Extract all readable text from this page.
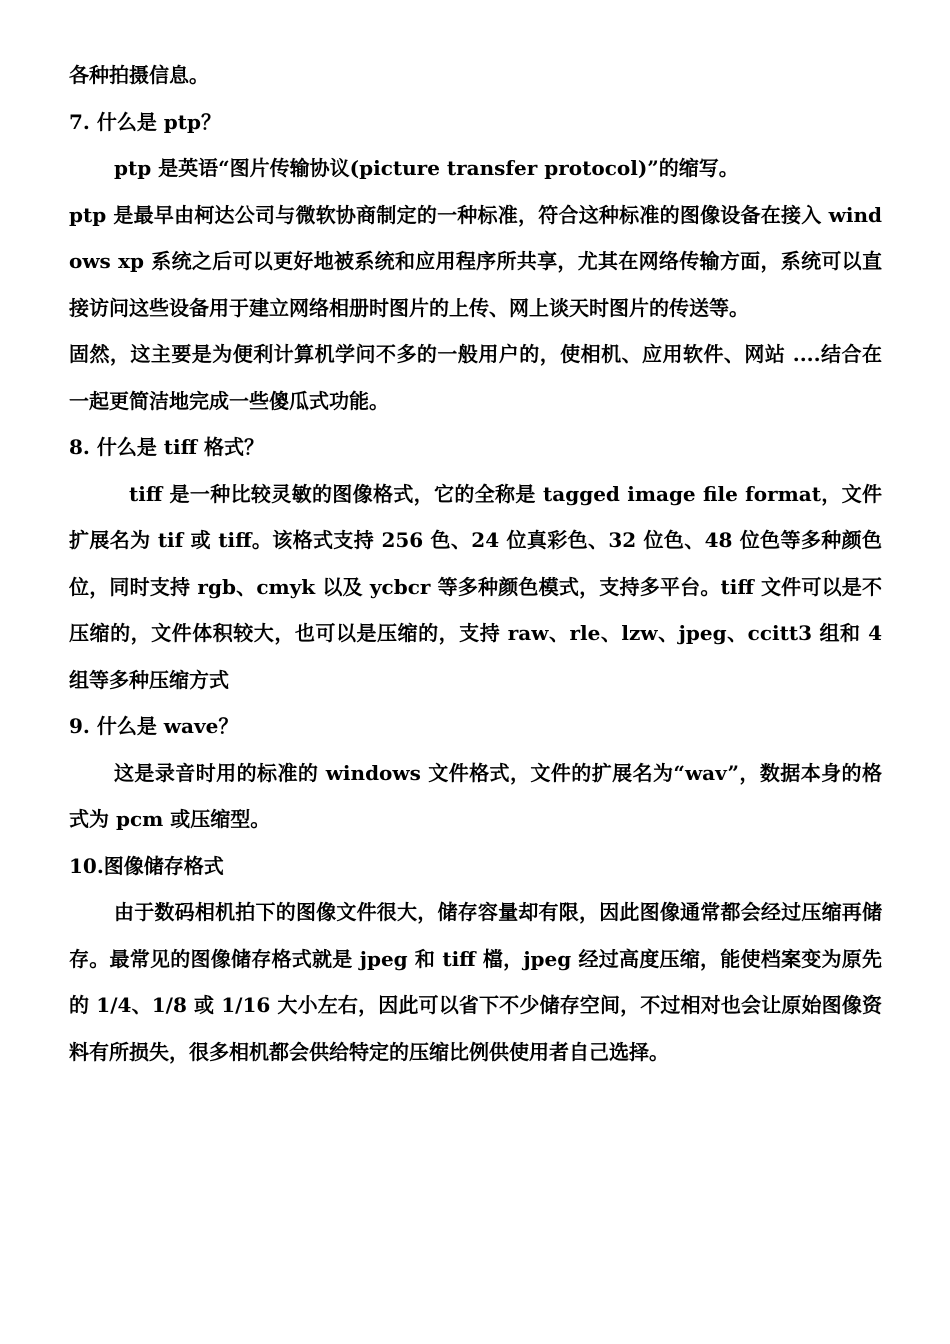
各种拍摄信息。

7. 什么是 ptp？

ptp 是英语“图片传输协议(picture transfer protocol)”的缩写。

ptp 是最早由柯达公司与微软协商制定的一种标准，符合这种标准的图像设备在接入 windows xp 系统之后可以更好地被系统和应用程序所共享，尤其在网络传输方面，系统可以直接访问这些设备用于建立网络相册时图片的上传、网上谈天时图片的传送等。

固然，这主要是为便利计算机学问不多的一般用户的，使相机、应用软件、网站 ....结合在一起更简洁地完成一些傻瓜式功能。

8. 什么是 tiff 格式？

tiff 是一种比较灵敏的图像格式，它的全称是 tagged image file format，文件扩展名为 tif 或 tiff。该格式支持 256 色、24 位真彩色、32 位色、48 位色等多种颜色位，同时支持 rgb、cmyk 以及 ycbcr 等多种颜色模式，支持多平台。tiff 文件可以是不压缩的，文件体积较大，也可以是压缩的，支持 raw、rle、lzw、jpeg、ccitt3 组和 4 组等多种压缩方式

9. 什么是 wave？

这是录音时用的标准的 windows 文件格式，文件的扩展名为“wav”，数据本身的格式为 pcm 或压缩型。

10.图像储存格式

由于数码相机拍下的图像文件很大，储存容量却有限，因此图像通常都会经过压缩再储存。最常见的图像储存格式就是 jpeg 和 tiff 檔，jpeg 经过高度压缩，能使档案变为原先的 1/4、1/8 或 1/16 大小左右，因此可以省下不少储存空间，不过相对也会让原始图像资料有所损失，很多相机都会供给特定的压缩比例供使用者自己选择。
